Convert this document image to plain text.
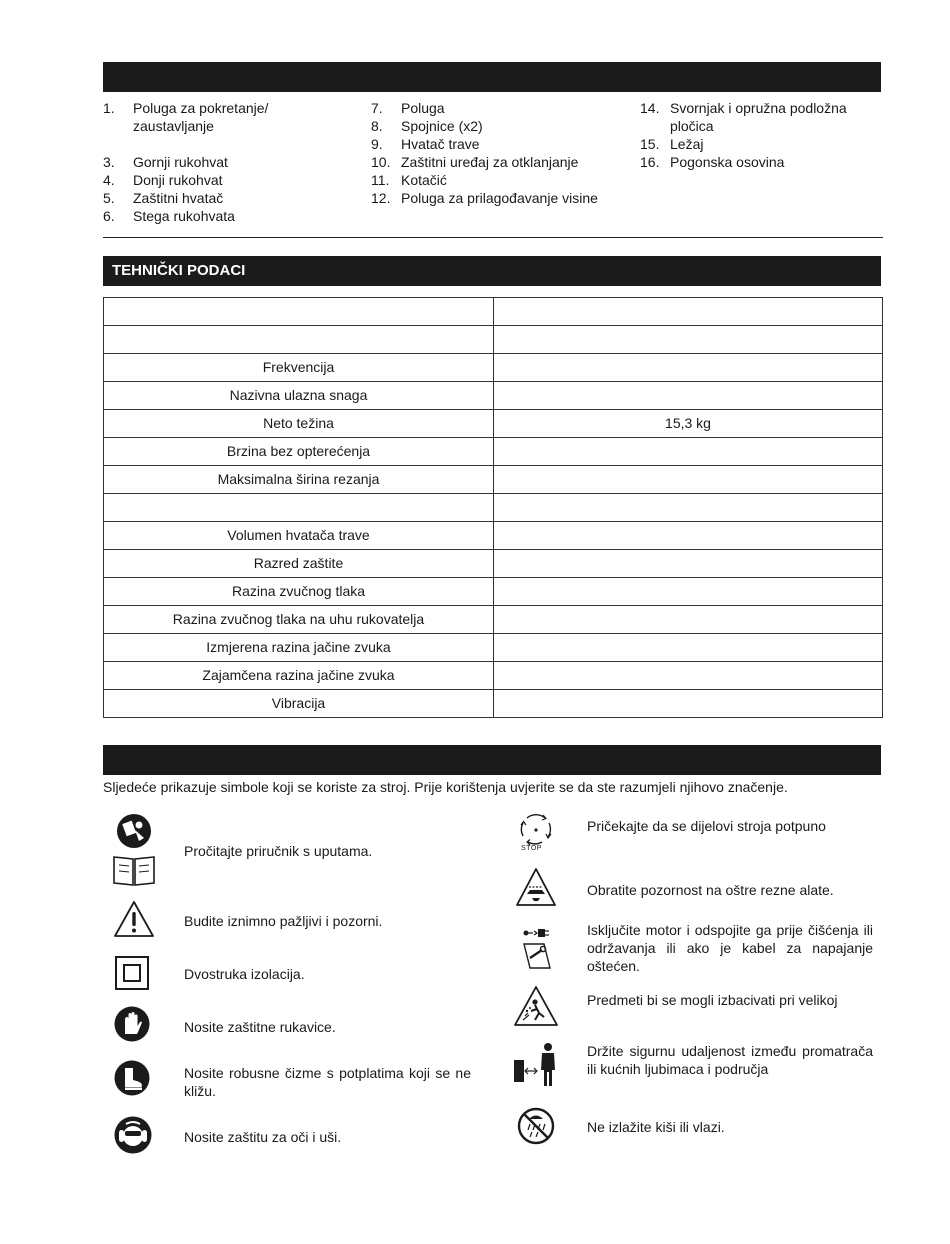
1.	Poluga za pokretanje/ zaustavljanje
3.	Gornji rukohvat
4.	Donji rukohvat
5.	Zaštitni hvatač
6.	Stega rukohvata
7.	Poluga
8.	Spojnice (x2)
9.	Hvatač trave
10. Zaštitni uređaj za otklanjanje
11. Kotačić
12. Poluga za prilagođavanje visine
14. Svornjak i opružna podložna pločica
15. Ležaj
16. Pogonska osovina
TEHNIČKI PODACI

Frekvencija	
Nazivna ulazna snaga	
Neto težina	15,3 kg
Brzina bez opterećenja	
Maksimalna širina rezanja	

Volumen hvatača trave	
Razred zaštite	
Razina zvučnog tlaka	
Razina zvučnog tlaka na uhu rukovatelja	
Izmjerena razina jačine zvuka	
Zajamčena razina jačine zvuka	
Vibracija	
Sljedeće prikazuje simbole koji se koriste za stroj. Prije korištenja uvjerite se da ste razumjeli njihovo značenje.
Pročitajte priručnik s uputama.
Budite iznimno pažljivi i pozorni.
Dvostruka izolacija.
Nosite zaštitne rukavice.
Nosite robusne čizme s potplatima koji se ne kližu.
Nosite zaštitu za oči i uši.
STOP
Pričekajte da se dijelovi stroja potpuno
Obratite pozornost na oštre rezne alate.
Isključite motor i odspojite ga prije čišćenja ili održavanja ili ako je kabel za napajanje oštećen.
Predmeti bi se mogli izbacivati pri velikoj
Držite sigurnu udaljenost između promatrača ili kućnih ljubimaca i područja
Ne izlažite kiši ili vlazi.
